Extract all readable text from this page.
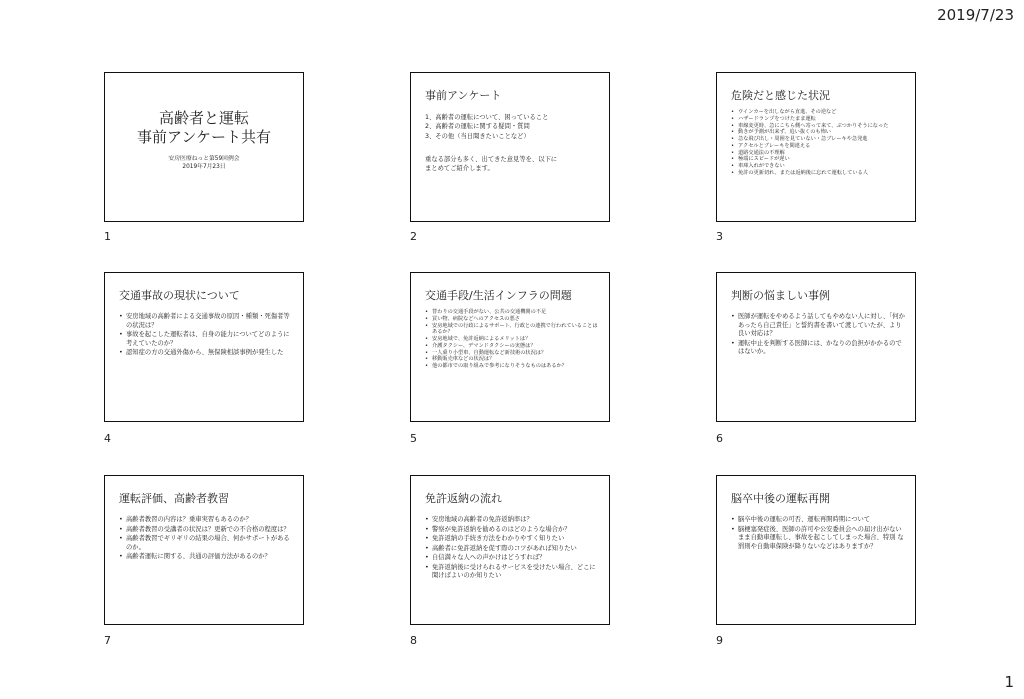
2019/7/23
高齢者と運転
事前アンケート共有
安房医療ねっと第59回例会
2019年7月23日
1
事前アンケート
1、高齢者の運転について、困っていること
2、高齢者の運転に関する疑問・質問
3、その他（当日聞きたいことなど）
重なる部分も多く、出てきた意見等を、以下に
まとめてご紹介します。
2
危険だと感じた状況
• ウインカーを出しながら直進、その逆など
• ハザードランプをつけたまま運転
• 車線変更時、急にこちら側へ寄って来て、ぶつかりそうになった
• 動きが予測が出来ず、追い抜くのも怖い
• 急な飛び出し・周囲を見ていない・急ブレーキや急発進
• アクセルとブレーキを間違える
• 道路交通法の不理解
• 極端にスピードが遅い
• 車庫入れができない
• 免許の更新切れ、または返納後に忘れて運転している人
3
交通事故の現状について
• 安房地域の高齢者による交通事故の原因・種類・死傷者等の状況は？
• 事故を起こした運転者は、自身の能力についてどのように考えていたのか？
• 認知症の方の交通外傷から、無保険相談事例が発生した
4
交通手段/生活インフラの問題
• 替わりの交通手段がない、公共の交通機関の不足
• 買い物、病院などへのアクセスの悪さ
• 安房地域での行政によるサポート、行政との連携で行われていることはあるか？
• 安房地域で、免許返納によるメリットは？
• 介護タクシー、デマンドタクシーの実態は？
• 一人乗り小型車、自動運転など新技術の状況は？
• 移動販売車などの状況は？
• 他の都市での取り組みで参考になりそうなものはあるか？
5
判断の悩ましい事例
• 医師が運転をやめるよう話してもやめない人に対し、「何かあったら自己責任」と誓約書を書いて渡していたが、より良い対応は？
• 運転中止を判断する医師には、かなりの負担がかかるのではないか。
6
運転評価、高齢者教習
• 高齢者教習の内容は？乗車実習もあるのか？
• 高齢者教習の受講者の状況は？更新での不合格の程度は？
• 高齢者教習でギリギリの結果の場合、何かサポートがあるのか。
• 高齢者運転に関する、共通の評価方法があるのか？
7
免許返納の流れ
• 安房地域の高齢者の免許返納率は？
• 警察が免許返納を勧めるのはどのような場合か？
• 免許返納の手続き方法をわかりやすく知りたい
• 高齢者に免許返納を促す際のコツがあれば知りたい
• 自信満々な人への声かけはどうすれば？
• 免許返納後に受けられるサービスを受けたい場合、どこに聞けばよいのか知りたい
8
脳卒中後の運転再開
• 脳卒中後の運転の可否、運転再開時期について
• 脳梗塞発症後、医師の許可や公安委員会への届け出がないまま自動車運転し、事故を起こしてしまった場合、特別 な罰則や自動車保険が降りないなどはありますか？
9
1
